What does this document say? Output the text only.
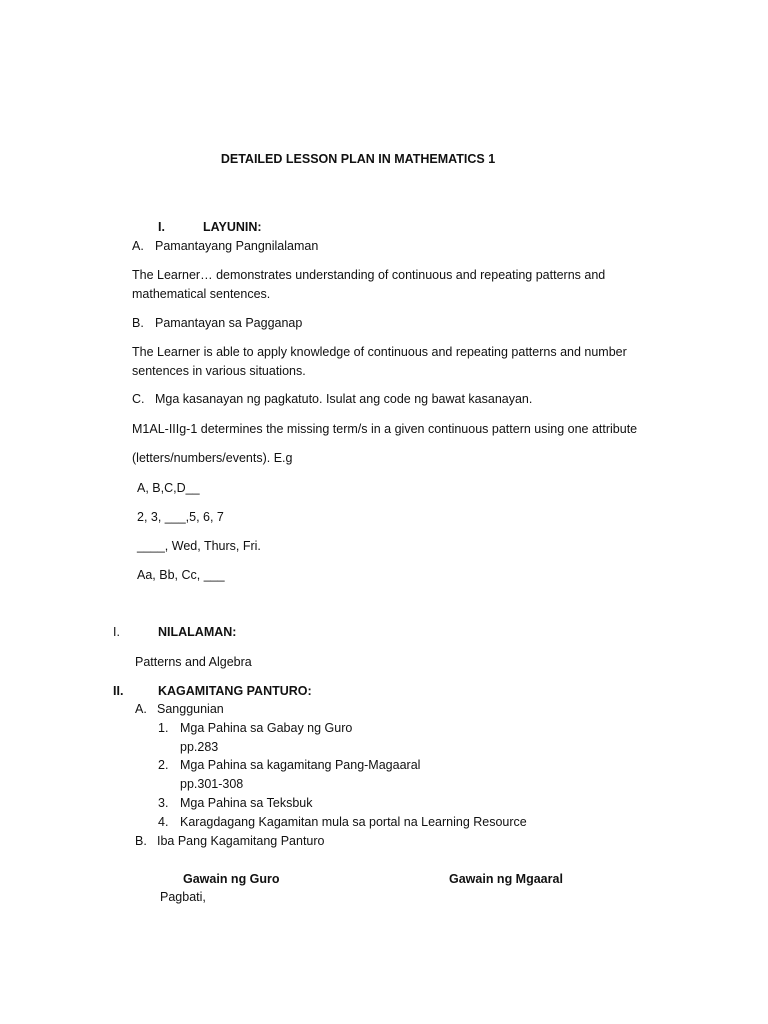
DETAILED LESSON PLAN IN MATHEMATICS 1
I.	LAYUNIN:
A. Pamantayang Pangnilalaman
The Learner… demonstrates understanding of continuous and repeating patterns and
mathematical sentences.
B. Pamantayan sa Pagganap
The Learner is able to apply knowledge of continuous and repeating patterns and number
sentences in various situations.
C. Mga kasanayan ng pagkatuto. Isulat ang code ng bawat kasanayan.
M1AL-IIIg-1 determines the missing term/s in a given continuous pattern using one attribute
(letters/numbers/events). E.g
A, B,C,D__
2, 3, ___,5, 6, 7
____, Wed, Thurs, Fri.
Aa, Bb, Cc, ___
I.	NILALAMAN:
Patterns and Algebra
II.	KAGAMITANG PANTURO:
A. Sanggunian
1. Mga Pahina sa Gabay ng Guro
pp.283
2. Mga Pahina sa kagamitang Pang-Magaaral
pp.301-308
3. Mga Pahina sa Teksbuk
4. Karagdagang Kagamitan mula sa portal na Learning Resource
B. Iba Pang Kagamitang Panturo
Gawain ng Guro	Gawain ng Mgaaral
Pagbati,
